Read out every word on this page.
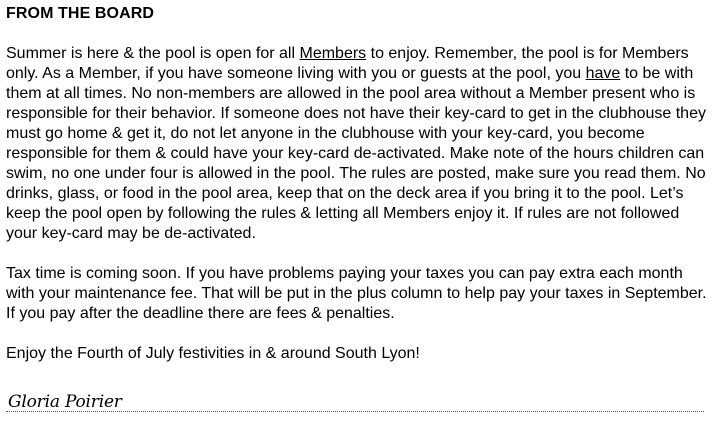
FROM THE BOARD
Summer is here & the pool is open for all Members to enjoy. Remember, the pool is for Members only. As a Member, if you have someone living with you or guests at the pool, you have to be with them at all times. No non-members are allowed in the pool area without a Member present who is responsible for their behavior. If someone does not have their key-card to get in the clubhouse they must go home & get it, do not let anyone in the clubhouse with your key-card, you become responsible for them & could have your key-card de-activated. Make note of the hours children can swim, no one under four is allowed in the pool. The rules are posted, make sure you read them. No drinks, glass, or food in the pool area, keep that on the deck area if you bring it to the pool. Let’s keep the pool open by following the rules & letting all Members enjoy it. If rules are not followed your key-card may be de-activated.
Tax time is coming soon. If you have problems paying your taxes you can pay extra each month with your maintenance fee. That will be put in the plus column to help pay your taxes in September. If you pay after the deadline there are fees & penalties.
Enjoy the Fourth of July festivities in & around South Lyon!
Gloria Poirier
